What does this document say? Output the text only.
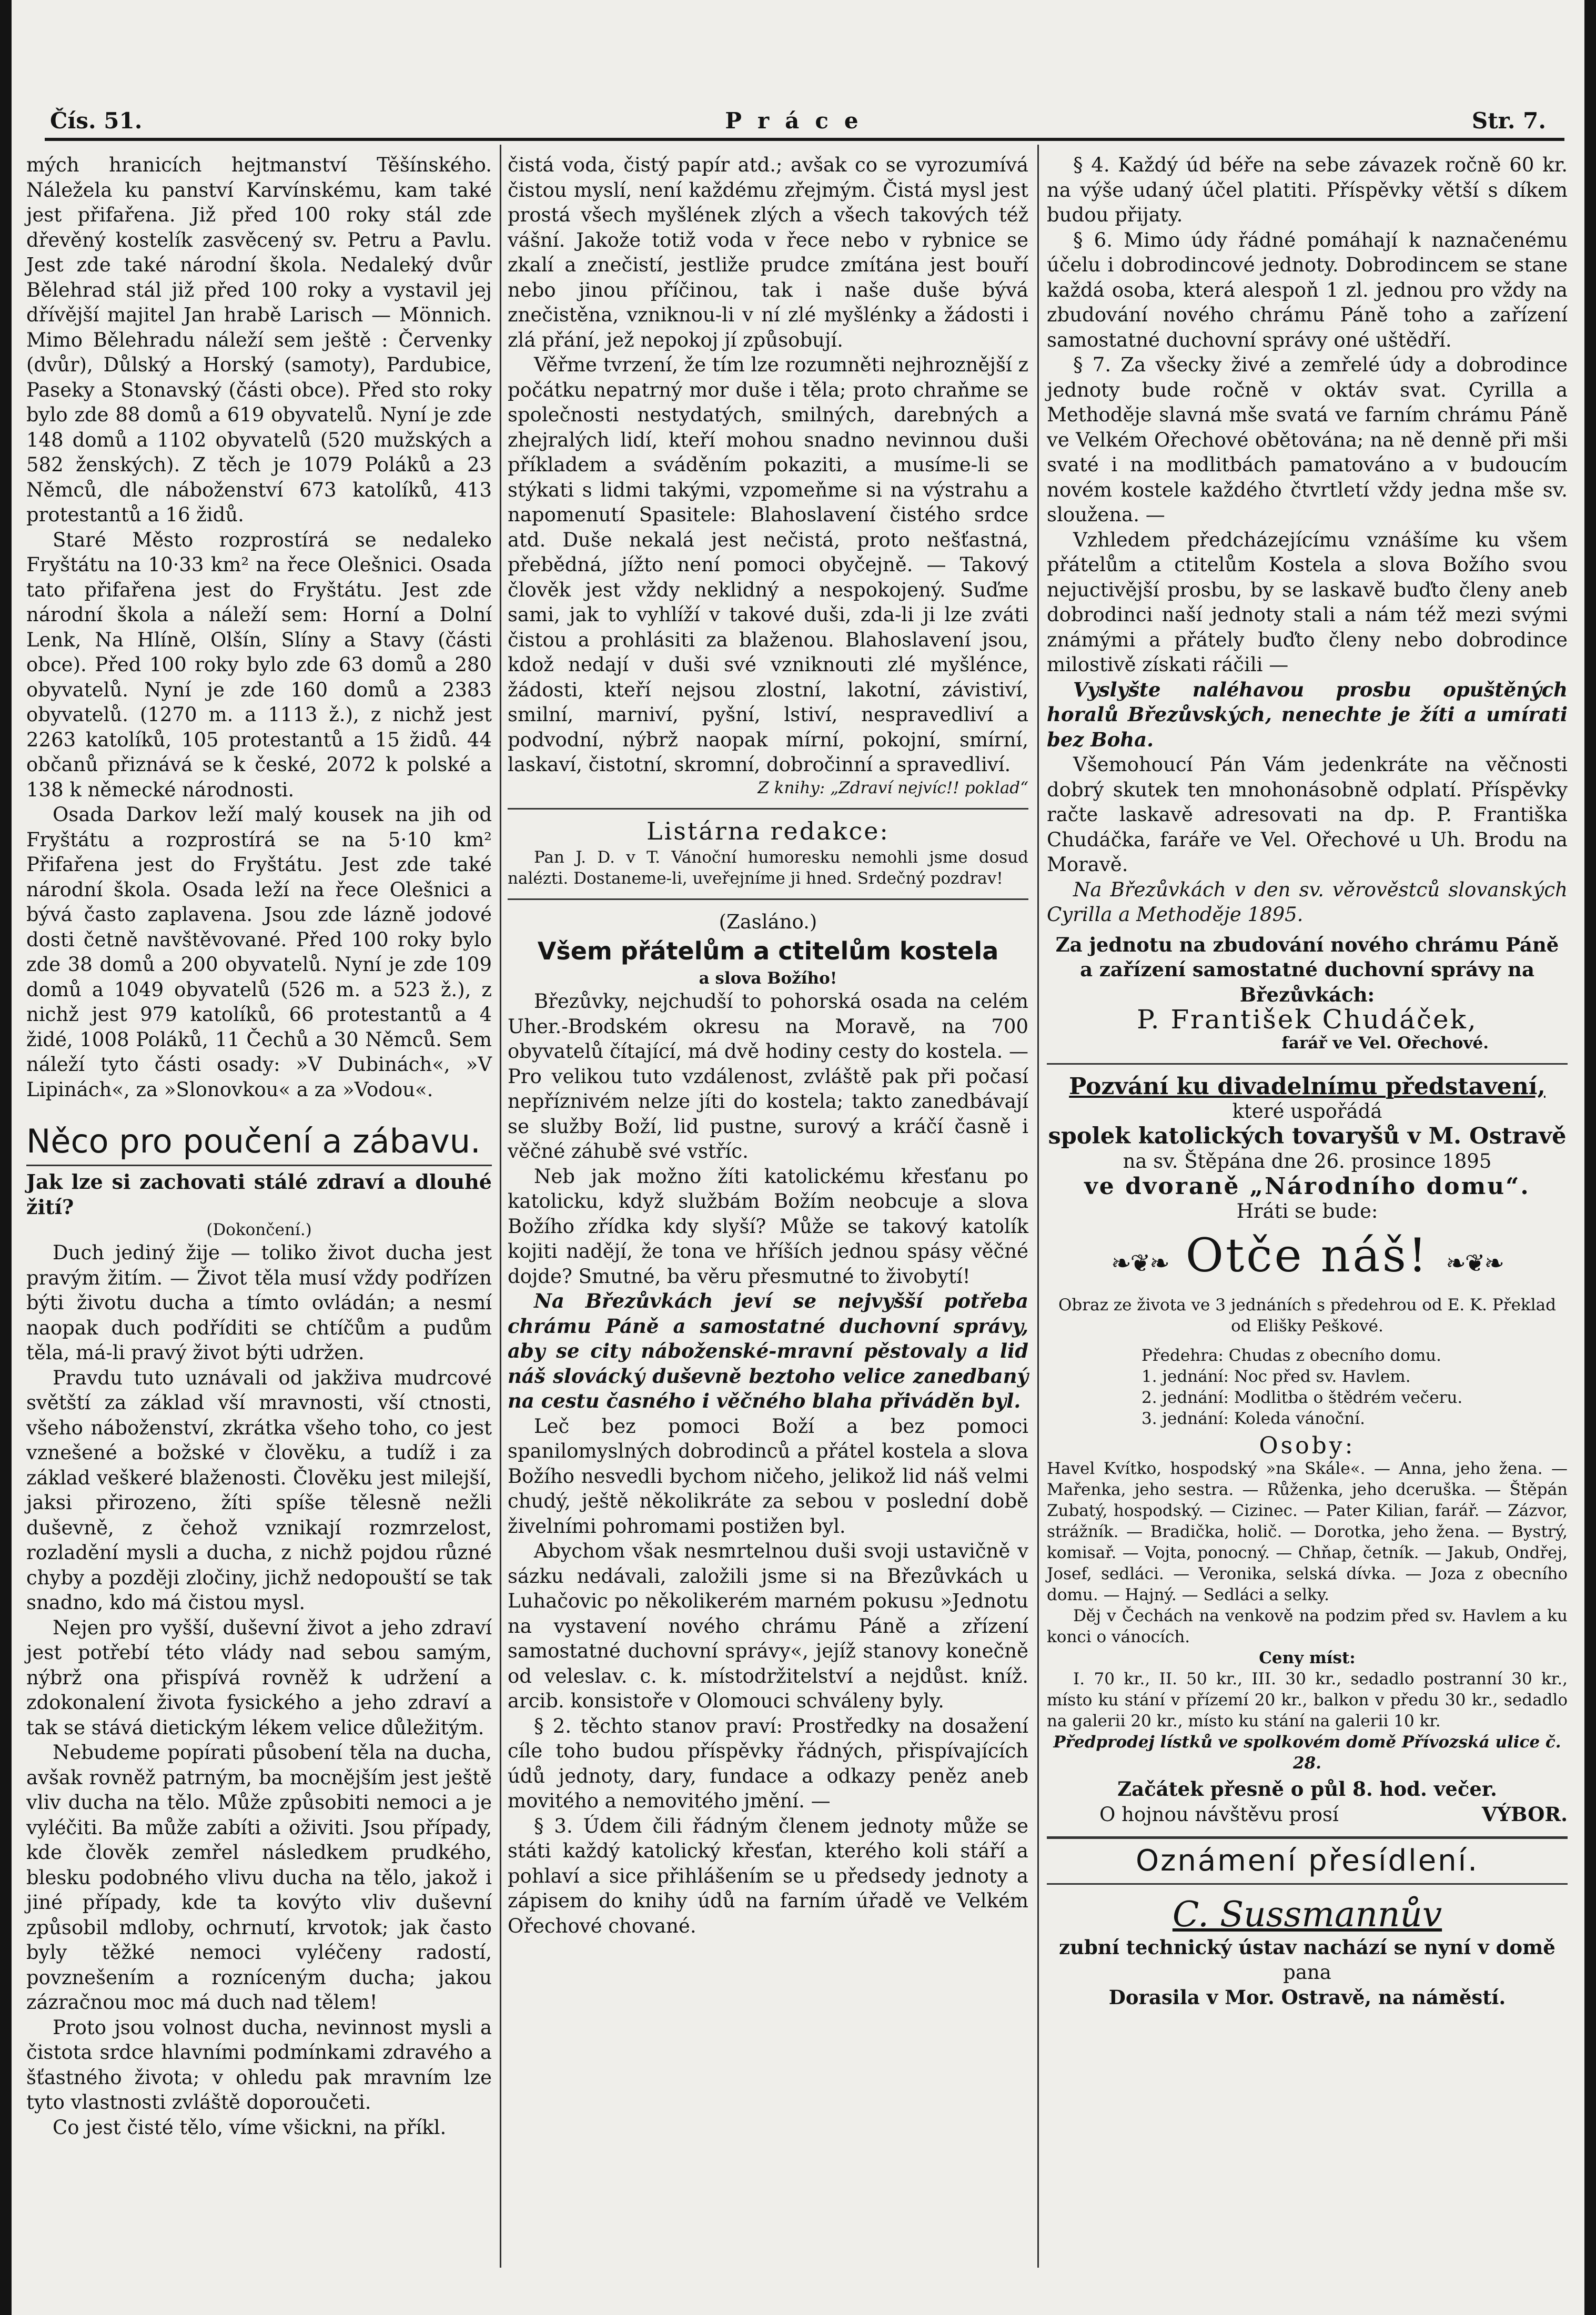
Čís. 51.	Práce	Str. 7.

mých hranicích hejtmanství Těšínského. Náležela ku panství Karvínskému, kam také jest přifařena. Již před 100 roky stál zde dřevěný kostelík zasvěcený sv. Petru a Pavlu. Jest zde také národní škola. Nedaleký dvůr Bělehrad stál již před 100 roky a vystavil jej dřívější majitel Jan hrabě Larisch — Mönnich. Mimo Bělehradu náleží sem ještě : Červenky (dvůr), Důlský a Horský (samoty), Pardubice, Paseky a Stonavský (části obce). Před sto roky bylo zde 88 domů a 619 obyvatelů. Nyní je zde 148 domů a 1102 obyvatelů (520 mužských a 582 ženských). Z těch je 1079 Poláků a 23 Němců, dle náboženství 673 katolíků, 413 protestantů a 16 židů.

Staré Město rozprostírá se nedaleko Fryštátu na 10·33 km² na řece Olešnici. Osada tato přifařena jest do Fryštátu. Jest zde národní škola a náleží sem: Horní a Dolní Lenk, Na Hlíně, Olšín, Slíny a Stavy (části obce). Před 100 roky bylo zde 63 domů a 280 obyvatelů. Nyní je zde 160 domů a 2383 obyvatelů. (1270 m. a 1113 ž.), z nichž jest 2263 katolíků, 105 protestantů a 15 židů. 44 občanů přiznává se k české, 2072 k polské a 138 k německé národnosti.

Osada Darkov leží malý kousek na jih od Fryštátu a rozprostírá se na 5·10 km² Přifařena jest do Fryštátu. Jest zde také národní škola. Osada leží na řece Olešnici a bývá často zaplavena. Jsou zde lázně jodové dosti četně navštěvované. Před 100 roky bylo zde 38 domů a 200 obyvatelů. Nyní je zde 109 domů a 1049 obyvatelů (526 m. a 523 ž.), z nichž jest 979 katolíků, 66 protestantů a 4 židé, 1008 Poláků, 11 Čechů a 30 Němců. Sem náleží tyto části osady: »V Dubinách«, »V Lipinách«, za »Slonovkou« a za »Vodou«.

Něco pro poučení a zábavu.
Jak lze si zachovati stálé zdraví a dlouhé žití?
(Dokončení.)

Duch jediný žije — toliko život ducha jest pravým žitím. — Život těla musí vždy podřízen býti životu ducha a tímto ovládán; a nesmí naopak duch podříditi se chtíčům a pudům těla, má-li pravý život býti udržen.

Pravdu tuto uznávali od jakživa mudrcové světští za základ vší mravnosti, vší ctnosti, všeho náboženství, zkrátka všeho toho, co jest vznešené a božské v člověku, a tudíž i za základ veškeré blaženosti. Člověku jest milejší, jaksi přirozeno, žíti spíše tělesně nežli duševně, z čehož vznikají rozmrzelost, rozladění mysli a ducha, z nichž pojdou různé chyby a později zločiny, jichž nedopouští se tak snadno, kdo má čistou mysl.

Nejen pro vyšší, duševní život a jeho zdraví jest potřebí této vlády nad sebou samým, nýbrž ona přispívá rovněž k udržení a zdokonalení života fysického a jeho zdraví a tak se stává dietickým lékem velice důležitým.

Nebudeme popírati působení těla na ducha, avšak rovněž patrným, ba mocnějším jest ještě vliv ducha na tělo. Může způsobiti nemoci a je vyléčiti. Ba může zabíti a oživiti. Jsou případy, kde člověk zemřel následkem prudkého, blesku podobného vlivu ducha na tělo, jakož i jiné případy, kde ta kovýto vliv duševní způsobil mdloby, ochrnutí, krvotok; jak často byly těžké nemoci vyléčeny radostí, povznešením a rozníceným ducha; jakou zázračnou moc má duch nad tělem!

Proto jsou volnost ducha, nevinnost mysli a čistota srdce hlavními podmínkami zdravého a šťastného života; v ohledu pak mravním lze tyto vlastnosti zvláště doporoučeti.

Co jest čisté tělo, víme všickni, na příkl.

čistá voda, čistý papír atd.; avšak co se vyrozumívá čistou myslí, není každému zřejmým. Čistá mysl jest prostá všech myšlének zlých a všech takových též vášní. Jakože totiž voda v řece nebo v rybnice se zkalí a znečistí, jestliže prudce zmítána jest bouří nebo jinou příčinou, tak i naše duše bývá znečistěna, vzniknou-li v ní zlé myšlénky a žádosti i zlá přání, jež nepokoj jí způsobují.

Věřme tvrzení, že tím lze rozumněti nejhroznější z počátku nepatrný mor duše i těla; proto chraňme se společnosti nestydatých, smilných, darebných a zhejralých lidí, kteří mohou snadno nevinnou duši příkladem a sváděním pokaziti, a musíme-li se stýkati s lidmi takými, vzpomeňme si na výstrahu a napomenutí Spasitele: Blahoslavení čistého srdce atd. Duše nekalá jest nečistá, proto nešťastná, přebědná, jížto není pomoci obyčejně. — Takový člověk jest vždy neklidný a nespokojený. Suďme sami, jak to vyhlíží v takové duši, zda-li ji lze zváti čistou a prohlásiti za blaženou. Blahoslavení jsou, kdož nedají v duši své vzniknouti zlé myšlénce, žádosti, kteří nejsou zlostní, lakotní, závistiví, smilní, marniví, pyšní, lstiví, nespravedliví a podvodní, nýbrž naopak mírní, pokojní, smírní, laskaví, čistotní, skromní, dobročinní a spravedliví.

Z knihy: „Zdraví nejvíc!! poklad“
Listárna redakce:

Pan J. D. v T. Vánoční humoresku nemohli jsme dosud nalézti. Dostaneme-li, uveřejníme ji hned. Srdečný pozdrav!

(Zasláno.)
Všem přátelům a ctitelům kostela
a slova Božího!

Březůvky, nejchudší to pohorská osada na celém Uher.-Brodském okresu na Moravě, na 700 obyvatelů čítající, má dvě hodiny cesty do kostela. — Pro velikou tuto vzdálenost, zvláště pak při počasí nepříznivém nelze jíti do kostela; takto zanedbávají se služby Boží, lid pustne, surový a kráčí časně i věčné záhubě své vstříc.

Neb jak možno žíti katolickému křesťanu po katolicku, když službám Božím neobcuje a slova Božího zřídka kdy slyší? Může se takový katolík kojiti nadějí, že tona ve hříších jednou spásy věčné dojde? Smutné, ba věru přesmutné to živobytí!

Na Březůvkách jeví se nejvyšší potřeba chrámu Páně a samostatné duchovní správy, aby se city náboženské-mravní pěstovaly a lid náš slovácký duševně beztoho velice zanedbaný na cestu časného i věčného blaha přiváděn byl.

Leč bez pomoci Boží a bez pomoci spanilomyslných dobrodinců a přátel kostela a slova Božího nesvedli bychom ničeho, jelikož lid náš velmi chudý, ještě několikráte za sebou v poslední době živelními pohromami postižen byl.

Abychom však nesmrtelnou duši svoji ustavičně v sázku nedávali, založili jsme si na Březůvkách u Luhačovic po několikerém marném pokusu »Jednotu na vystavení nového chrámu Páně a zřízení samostatné duchovní správy«, jejíž stanovy konečně od veleslav. c. k. místodržitelství a nejdůst. kníž. arcib. konsistoře v Olomouci schváleny byly.

§ 2. těchto stanov praví: Prostředky na dosažení cíle toho budou příspěvky řádných, přispívajících údů jednoty, dary, fundace a odkazy peněz aneb movitého a nemovitého jmění. —

§ 3. Údem čili řádným členem jednoty může se státi každý katolický křesťan, kterého koli stáří a pohlaví a sice přihlášením se u předsedy jednoty a zápisem do knihy údů na farním úřadě ve Velkém Ořechové chované.

§ 4. Každý úd béře na sebe závazek ročně 60 kr. na výše udaný účel platiti. Příspěvky větší s díkem budou přijaty.

§ 6. Mimo údy řádné pomáhají k naznačenému účelu i dobrodincové jednoty. Dobrodincem se stane každá osoba, která alespoň 1 zl. jednou pro vždy na zbudování nového chrámu Páně toho a zařízení samostatné duchovní správy oné uštědří.

§ 7. Za všecky živé a zemřelé údy a dobrodince jednoty bude ročně v oktáv svat. Cyrilla a Methoděje slavná mše svatá ve farním chrámu Páně ve Velkém Ořechové obětována; na ně denně při mši svaté i na modlitbách pamatováno a v budoucím novém kostele každého čtvrtletí vždy jedna mše sv. sloužena. —

Vzhledem předcházejícímu vznášíme ku všem přátelům a ctitelům Kostela a slova Božího svou nejuctivější prosbu, by se laskavě buďto členy aneb dobrodinci naší jednoty stali a nám též mezi svými známými a přátely buďto členy nebo dobrodince milostivě získati ráčili —

Vyslyšte naléhavou prosbu opuštěných horalů Březůvských, nenechte je žíti a umírati bez Boha.

Všemohoucí Pán Vám jedenkráte na věčnosti dobrý skutek ten mnohonásobně odplatí. Příspěvky račte laskavě adresovati na dp. P. Františka Chudáčka, faráře ve Vel. Ořechové u Uh. Brodu na Moravě.

Na Březůvkách v den sv. věrověstců slovanských Cyrilla a Methoděje 1895.

Za jednotu na zbudování nového chrámu Páně a zařízení samostatné duchovní správy na Březůvkách:
P. František Chudáček,
farář ve Vel. Ořechové.
Pozvání ku divadelnímu představení,
které uspořádá
spolek katolických tovaryšů v M. Ostravě
na sv. Štěpána dne 26. prosince 1895
ve dvoraně „Národního domu“.
Hráti se bude:
❧❦❧ Otče náš! ❧❦❧
Obraz ze života ve 3 jednáních s předehrou od E. K. Překlad od Elišky Peškové.
Předehra: Chudas z obecního domu.
1. jednání: Noc před sv. Havlem.
2. jednání: Modlitba o štědrém večeru.
3. jednání: Koleda vánoční.
Osoby:

Havel Kvítko, hospodský »na Skále«. — Anna, jeho žena. — Mařenka, jeho sestra. — Růženka, jeho dceruška. — Štěpán Zubatý, hospodský. — Cizinec. — Pater Kilian, farář. — Zázvor, strážník. — Bradička, holič. — Dorotka, jeho žena. — Bystrý, komisař. — Vojta, ponocný. — Chňap, četník. — Jakub, Ondřej, Josef, sedláci. — Veronika, selská dívka. — Joza z obecního domu. — Hajný. — Sedláci a selky.

Děj v Čechách na venkově na podzim před sv. Havlem a ku konci o vánocích.

Ceny míst:

I. 70 kr., II. 50 kr., III. 30 kr., sedadlo postranní 30 kr., místo ku stání v přízemí 20 kr., balkon v předu 30 kr., sedadlo na galerii 20 kr., místo ku stání na galerii 10 kr.

Předprodej lístků ve spolkovém domě Přívozská ulice č. 28.

Začátek přesně o půl 8. hod. večer.
O hojnou návštěvu prosí	VÝBOR.
Oznámení přesídlení.
C. Sussmannův
zubní technický ústav nachází se nyní v domě
pana
Dorasila v Mor. Ostravě, na náměstí.
